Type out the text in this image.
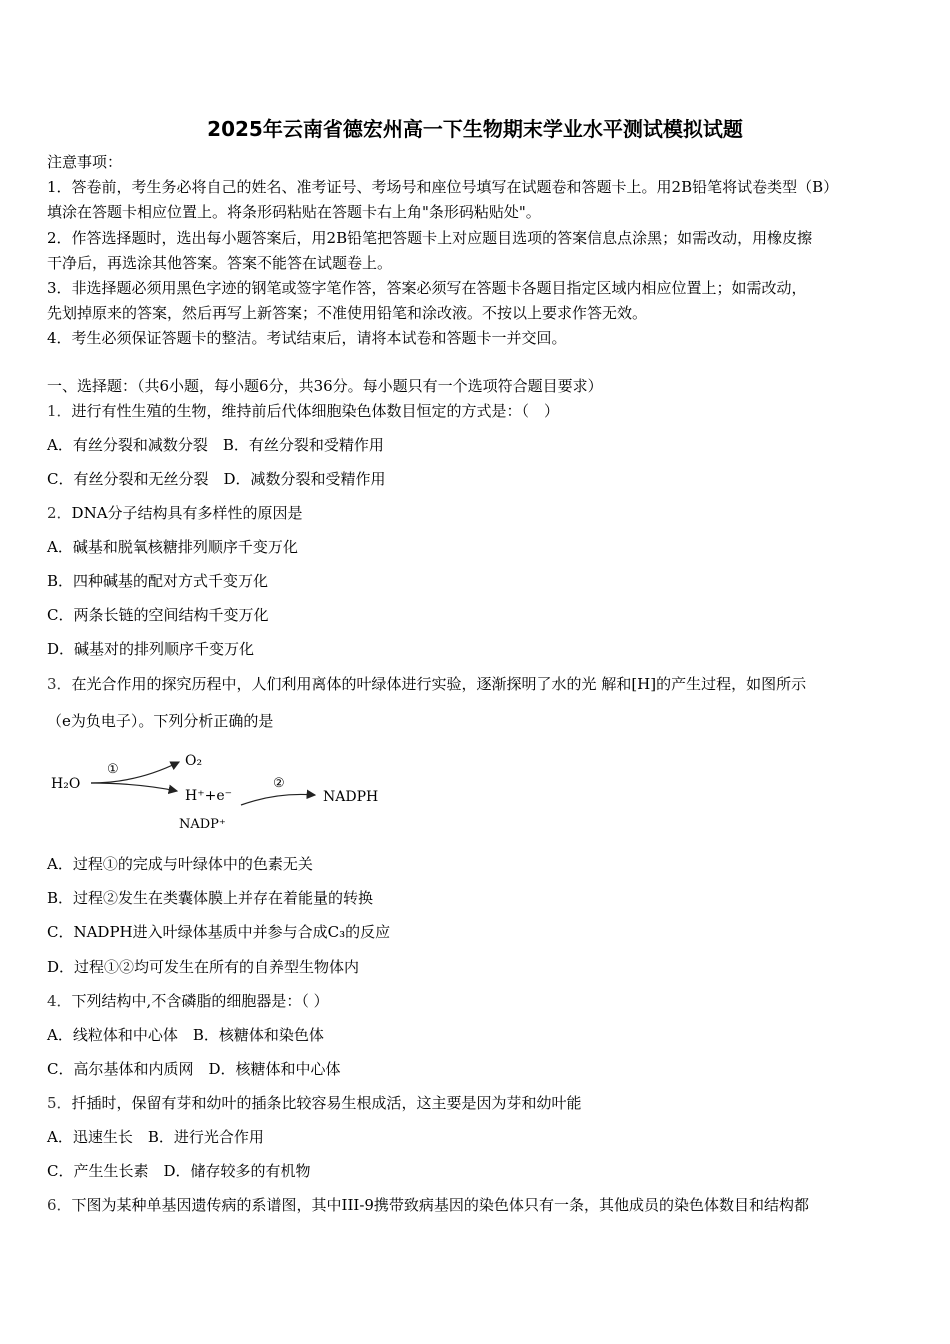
2025年云南省德宏州高一下生物期末学业水平测试模拟试题
注意事项：
1．答卷前，考生务必将自己的姓名、准考证号、考场号和座位号填写在试题卷和答题卡上。用2B铅笔将试卷类型（B）
填涂在答题卡相应位置上。将条形码粘贴在答题卡右上角"条形码粘贴处"。
2．作答选择题时，选出每小题答案后，用2B铅笔把答题卡上对应题目选项的答案信息点涂黑；如需改动，用橡皮擦
干净后，再选涂其他答案。答案不能答在试题卷上。
3．非选择题必须用黑色字迹的钢笔或签字笔作答，答案必须写在答题卡各题目指定区域内相应位置上；如需改动，
先划掉原来的答案，然后再写上新答案；不准使用铅笔和涂改液。不按以上要求作答无效。
4．考生必须保证答题卡的整洁。考试结束后，请将本试卷和答题卡一并交回。
一、选择题：（共6小题，每小题6分，共36分。每小题只有一个选项符合题目要求）
1．进行有性生殖的生物，维持前后代体细胞染色体数目恒定的方式是：（　）
A．有丝分裂和减数分裂　B．有丝分裂和受精作用
C．有丝分裂和无丝分裂　D．减数分裂和受精作用
2．DNA分子结构具有多样性的原因是
A．碱基和脱氧核糖排列顺序千变万化
B．四种碱基的配对方式千变万化
C．两条长链的空间结构千变万化
D．碱基对的排列顺序千变万化
3．在光合作用的探究历程中，人们利用离体的叶绿体进行实验，逐渐探明了水的光 解和[H]的产生过程，如图所示
（e为负电子）。下列分析正确的是
H₂O
①
O₂
H⁺+e⁻
②
NADPH
NADP⁺
A．过程①的完成与叶绿体中的色素无关
B．过程②发生在类囊体膜上并存在着能量的转换
C．NADPH进入叶绿体基质中并参与合成C₃的反应
D．过程①②均可发生在所有的自养型生物体内
4．下列结构中,不含磷脂的细胞器是：（ ）
A．线粒体和中心体　B．核糖体和染色体
C．高尔基体和内质网　D．核糖体和中心体
5．扦插时，保留有芽和幼叶的插条比较容易生根成活，这主要是因为芽和幼叶能
A．迅速生长　B．进行光合作用
C．产生生长素　D．储存较多的有机物
6．下图为某种单基因遗传病的系谱图，其中III-9携带致病基因的染色体只有一条，其他成员的染色体数目和结构都
